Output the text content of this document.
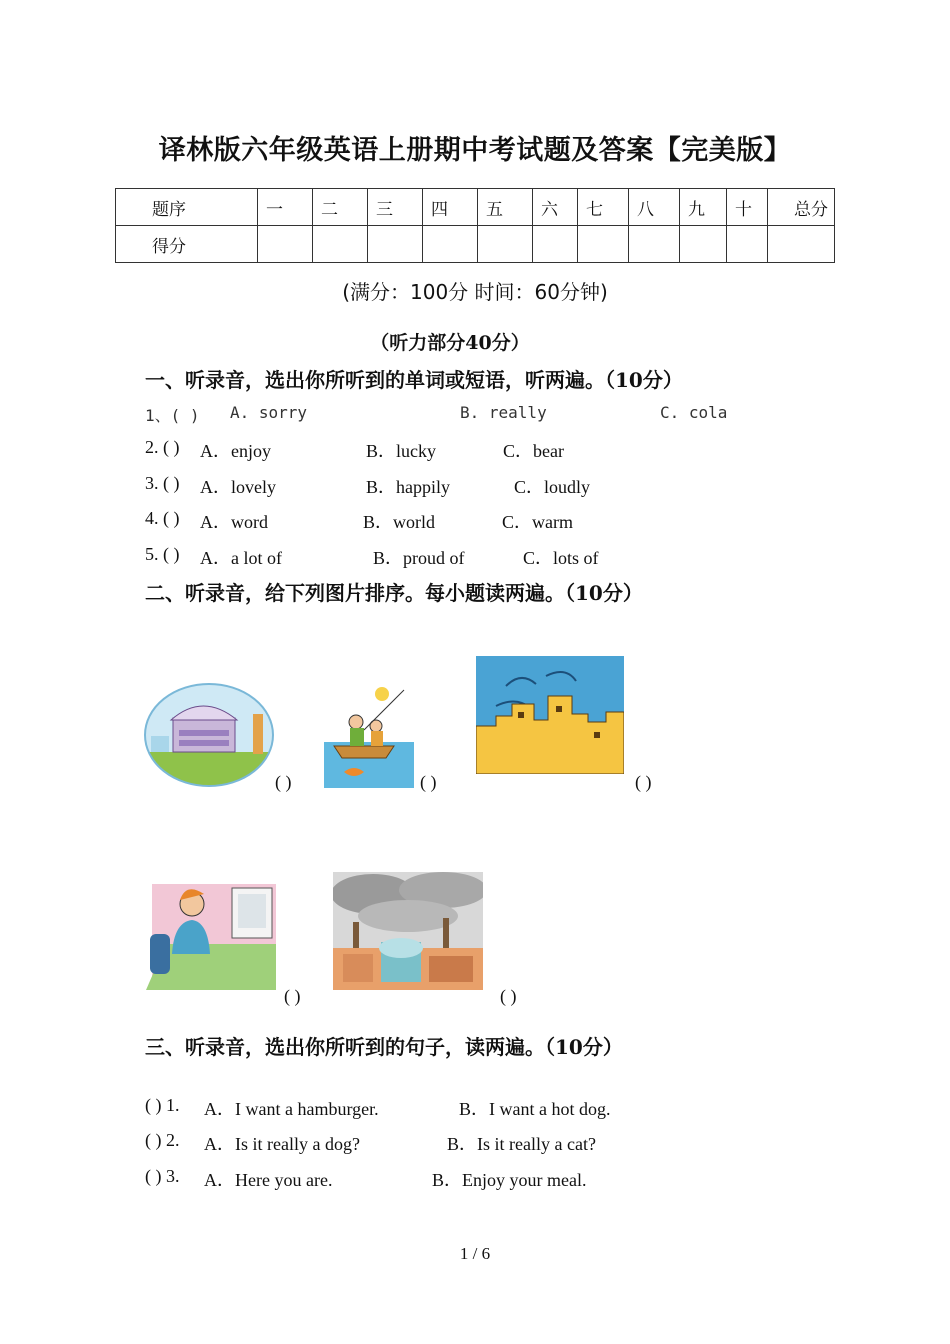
译林版六年级英语上册期中考试题及答案【完美版】
题序	一	二	三	四	五	六	七	八	九	十	总分
得分											
(满分：100分 时间：60分钟)
（听力部分40分）
一、听录音，选出你所听到的单词或短语，听两遍。（10分）
1、( ) A. sorry	B. really	C. cola
2. ( ) A．enjoy	B．lucky	C．bear
3. ( ) A．lovely	B．happily	C．loudly
4. ( ) A．word	B．world	C．warm
5. ( ) A．a lot of	B．proud of	C．lots of
二、听录音，给下列图片排序。每小题读两遍。（10分）
( )	( )	( )
( )	( )
三、听录音，选出你所听到的句子，读两遍。（10分）
( ) 1. A．I want a hamburger.	B．I want a hot dog.
( ) 2. A．Is it really a dog?	B．Is it really a cat?
( ) 3. A．Here you are.	B．Enjoy your meal.
1 / 6
